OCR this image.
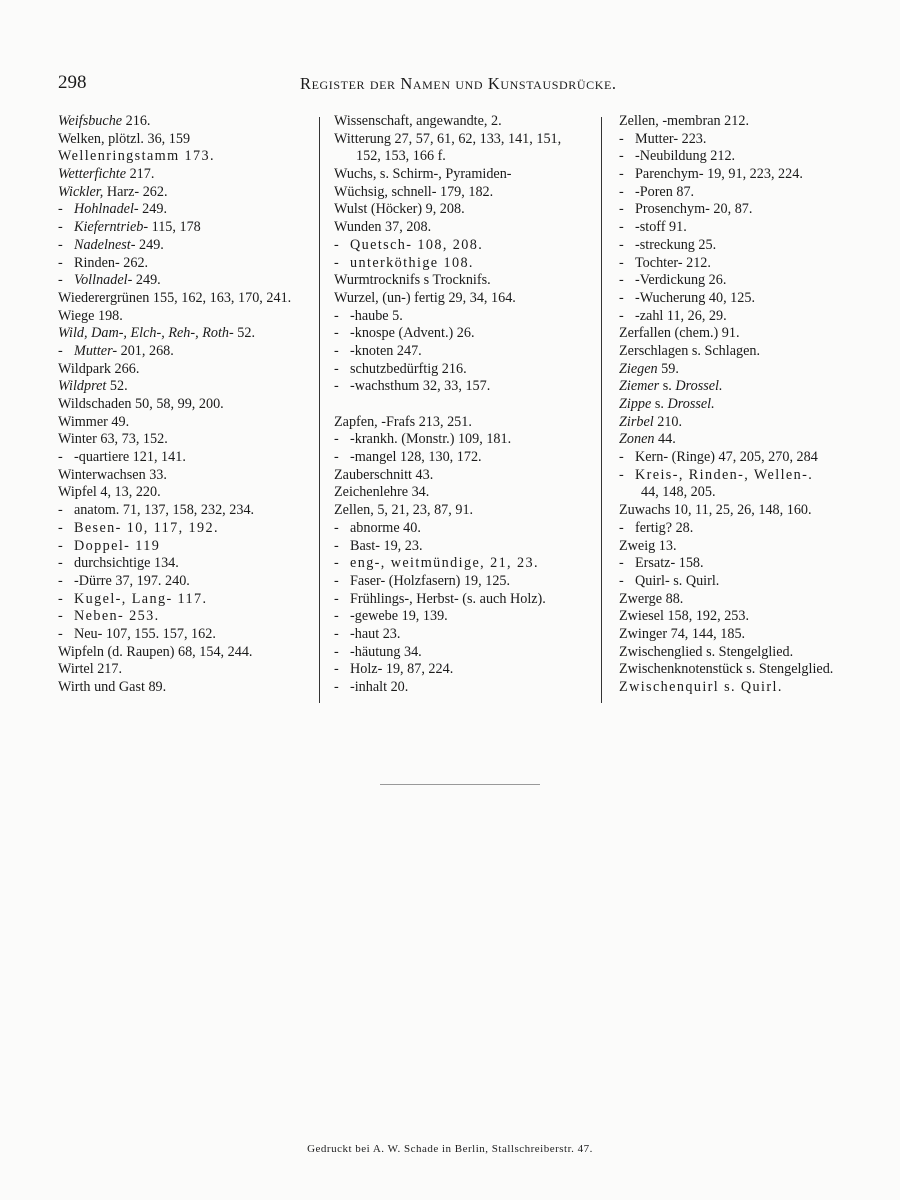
298	Register der Namen und Kunstausdrücke.
Weifsbuche 216.
Welken, plötzl. 36, 159
Wellenringstamm 173.
Wetterfichte 217.
Wickler, Harz- 262.
- Hohlnadel- 249.
- Kieferntrieb- 115, 178
- Nadelnest- 249.
- Rinden- 262.
- Vollnadel- 249.
Wiederergrünen 155, 162, 163, 170, 241.
Wiege 198.
Wild, Dam-, Elch-, Reh-, Roth- 52.
- Mutter- 201, 268.
Wildpark 266.
Wildpret 52.
Wildschaden 50, 58, 99, 200.
Wimmer 49.
Winter 63, 73, 152.
- -quartiere 121, 141.
Winterwachsen 33.
Wipfel 4, 13, 220.
- anatom. 71, 137, 158, 232, 234.
- Besen- 10, 117, 192.
- Doppel- 119
- durchsichtige 134.
- -Dürre 37, 197. 240.
- Kugel-, Lang- 117.
- Neben- 253.
- Neu- 107, 155. 157, 162.
Wipfeln (d. Raupen) 68, 154, 244.
Wirtel 217.
Wirth und Gast 89.
Wissenschaft, angewandte, 2.
Witterung 27, 57, 61, 62, 133, 141, 151,
152, 153, 166 f.
Wuchs, s. Schirm-, Pyramiden-
Wüchsig, schnell- 179, 182.
Wulst (Höcker) 9, 208.
Wunden 37, 208.
- Quetsch- 108, 208.
- unterköthige 108.
Wurmtrocknifs s Trocknifs.
Wurzel, (un-) fertig 29, 34, 164.
- -haube 5.
- -knospe (Advent.) 26.
- -knoten 247.
- schutzbedürftig 216.
- -wachsthum 32, 33, 157.
Zapfen, -Frafs 213, 251.
- -krankh. (Monstr.) 109, 181.
- -mangel 128, 130, 172.
Zauberschnitt 43.
Zeichenlehre 34.
Zellen, 5, 21, 23, 87, 91.
- abnorme 40.
- Bast- 19, 23.
- eng-, weitmündige, 21, 23.
- Faser- (Holzfasern) 19, 125.
- Frühlings-, Herbst- (s. auch Holz).
- -gewebe 19, 139.
- -haut 23.
- -häutung 34.
- Holz- 19, 87, 224.
- -inhalt 20.
Zellen, -membran 212.
- Mutter- 223.
- -Neubildung 212.
- Parenchym- 19, 91, 223, 224.
- -Poren 87.
- Prosenchym- 20, 87.
- -stoff 91.
- -streckung 25.
- Tochter- 212.
- -Verdickung 26.
- -Wucherung 40, 125.
- -zahl 11, 26, 29.
Zerfallen (chem.) 91.
Zerschlagen s. Schlagen.
Ziegen 59.
Ziemer s. Drossel.
Zippe s. Drossel.
Zirbel 210.
Zonen 44.
- Kern- (Ringe) 47, 205, 270, 284
- Kreis-, Rinden-, Wellen-.
44, 148, 205.
Zuwachs 10, 11, 25, 26, 148, 160.
- fertig? 28.
Zweig 13.
- Ersatz- 158.
- Quirl- s. Quirl.
Zwerge 88.
Zwiesel 158, 192, 253.
Zwinger 74, 144, 185.
Zwischenglied s. Stengelglied.
Zwischenknotenstück s. Stengelglied.
Zwischenquirl s. Quirl.
Gedruckt bei A. W. Schade in Berlin, Stallschreiberstr. 47.
